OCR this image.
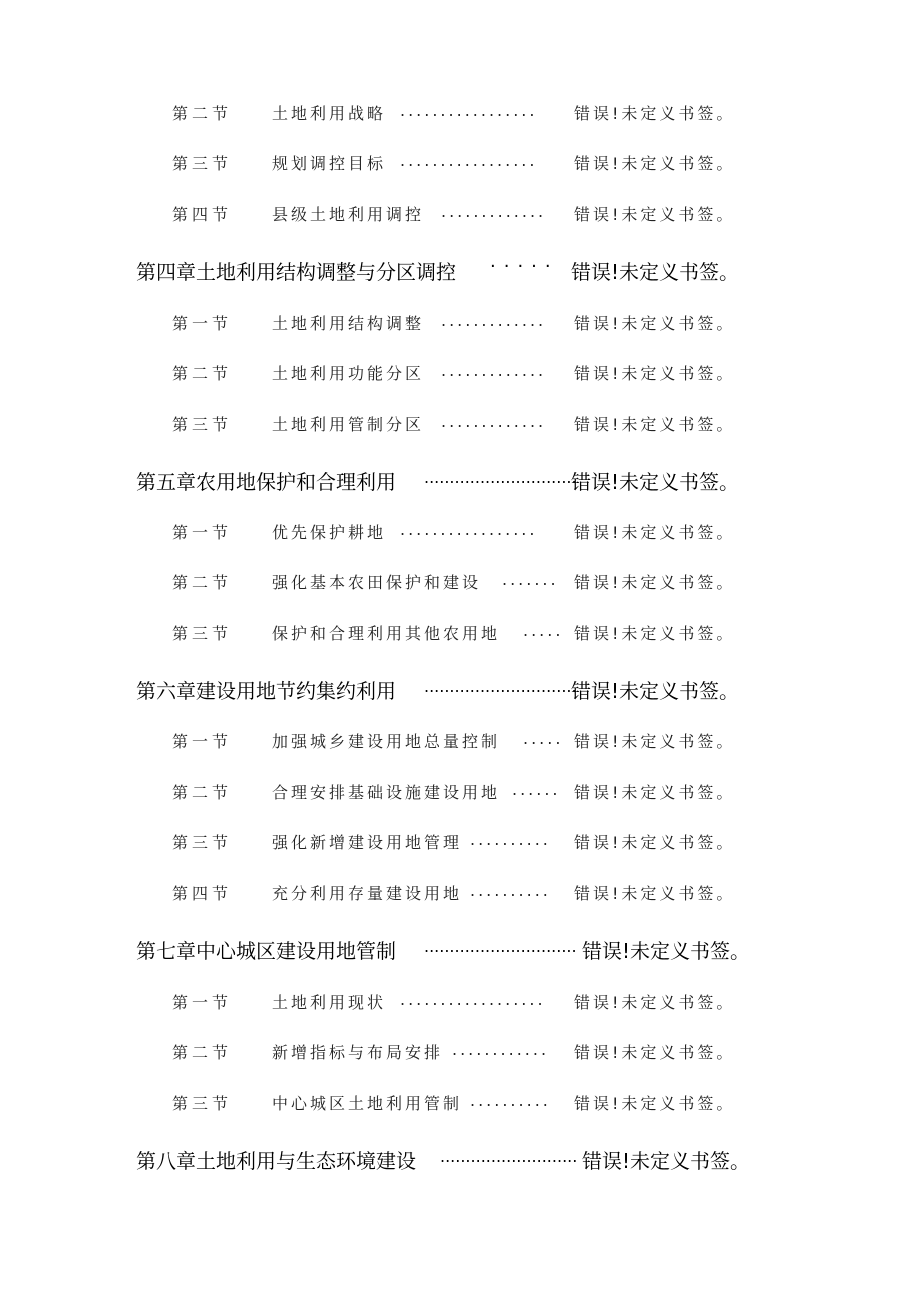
第二节 土地利用战略 ................. 错误!未定义书签。
第三节 规划调控目标 ................. 错误!未定义书签。
第四节 县级土地利用调控 ............. 错误!未定义书签。
第四章土地利用结构调整与分区调控 ····· 错误!未定义书签。
第一节 土地利用结构调整 ............. 错误!未定义书签。
第二节 土地利用功能分区 ............. 错误!未定义书签。
第三节 土地利用管制分区 ............. 错误!未定义书签。
第五章农用地保护和合理利用 ..............................
错误!未定义书签。
第一节 优先保护耕地 ................. 错误!未定义书签。
第二节 强化基本农田保护和建设 ....... 错误!未定义书签。
第三节 保护和合理利用其他农用地 ..... 错误!未定义书签。
第六章建设用地节约集约利用 ..............................
错误!未定义书签。
第一节 加强城乡建设用地总量控制 ..... 错误!未定义书签。
第二节 合理安排基础设施建设用地 ...... 错误!未定义书签。
第三节 强化新增建设用地管理 .......... 错误!未定义书签。
第四节 充分利用存量建设用地 .......... 错误!未定义书签。
第七章中心城区建设用地管制 .............................. 错误!未定义书签。
第一节 土地利用现状 .................. 错误!未定义书签。
第二节 新增指标与布局安排 ............ 错误!未定义书签。
第三节 中心城区土地利用管制 .......... 错误!未定义书签。
第八章土地利用与生态环境建设 ........................... 错误!未定义书签。
